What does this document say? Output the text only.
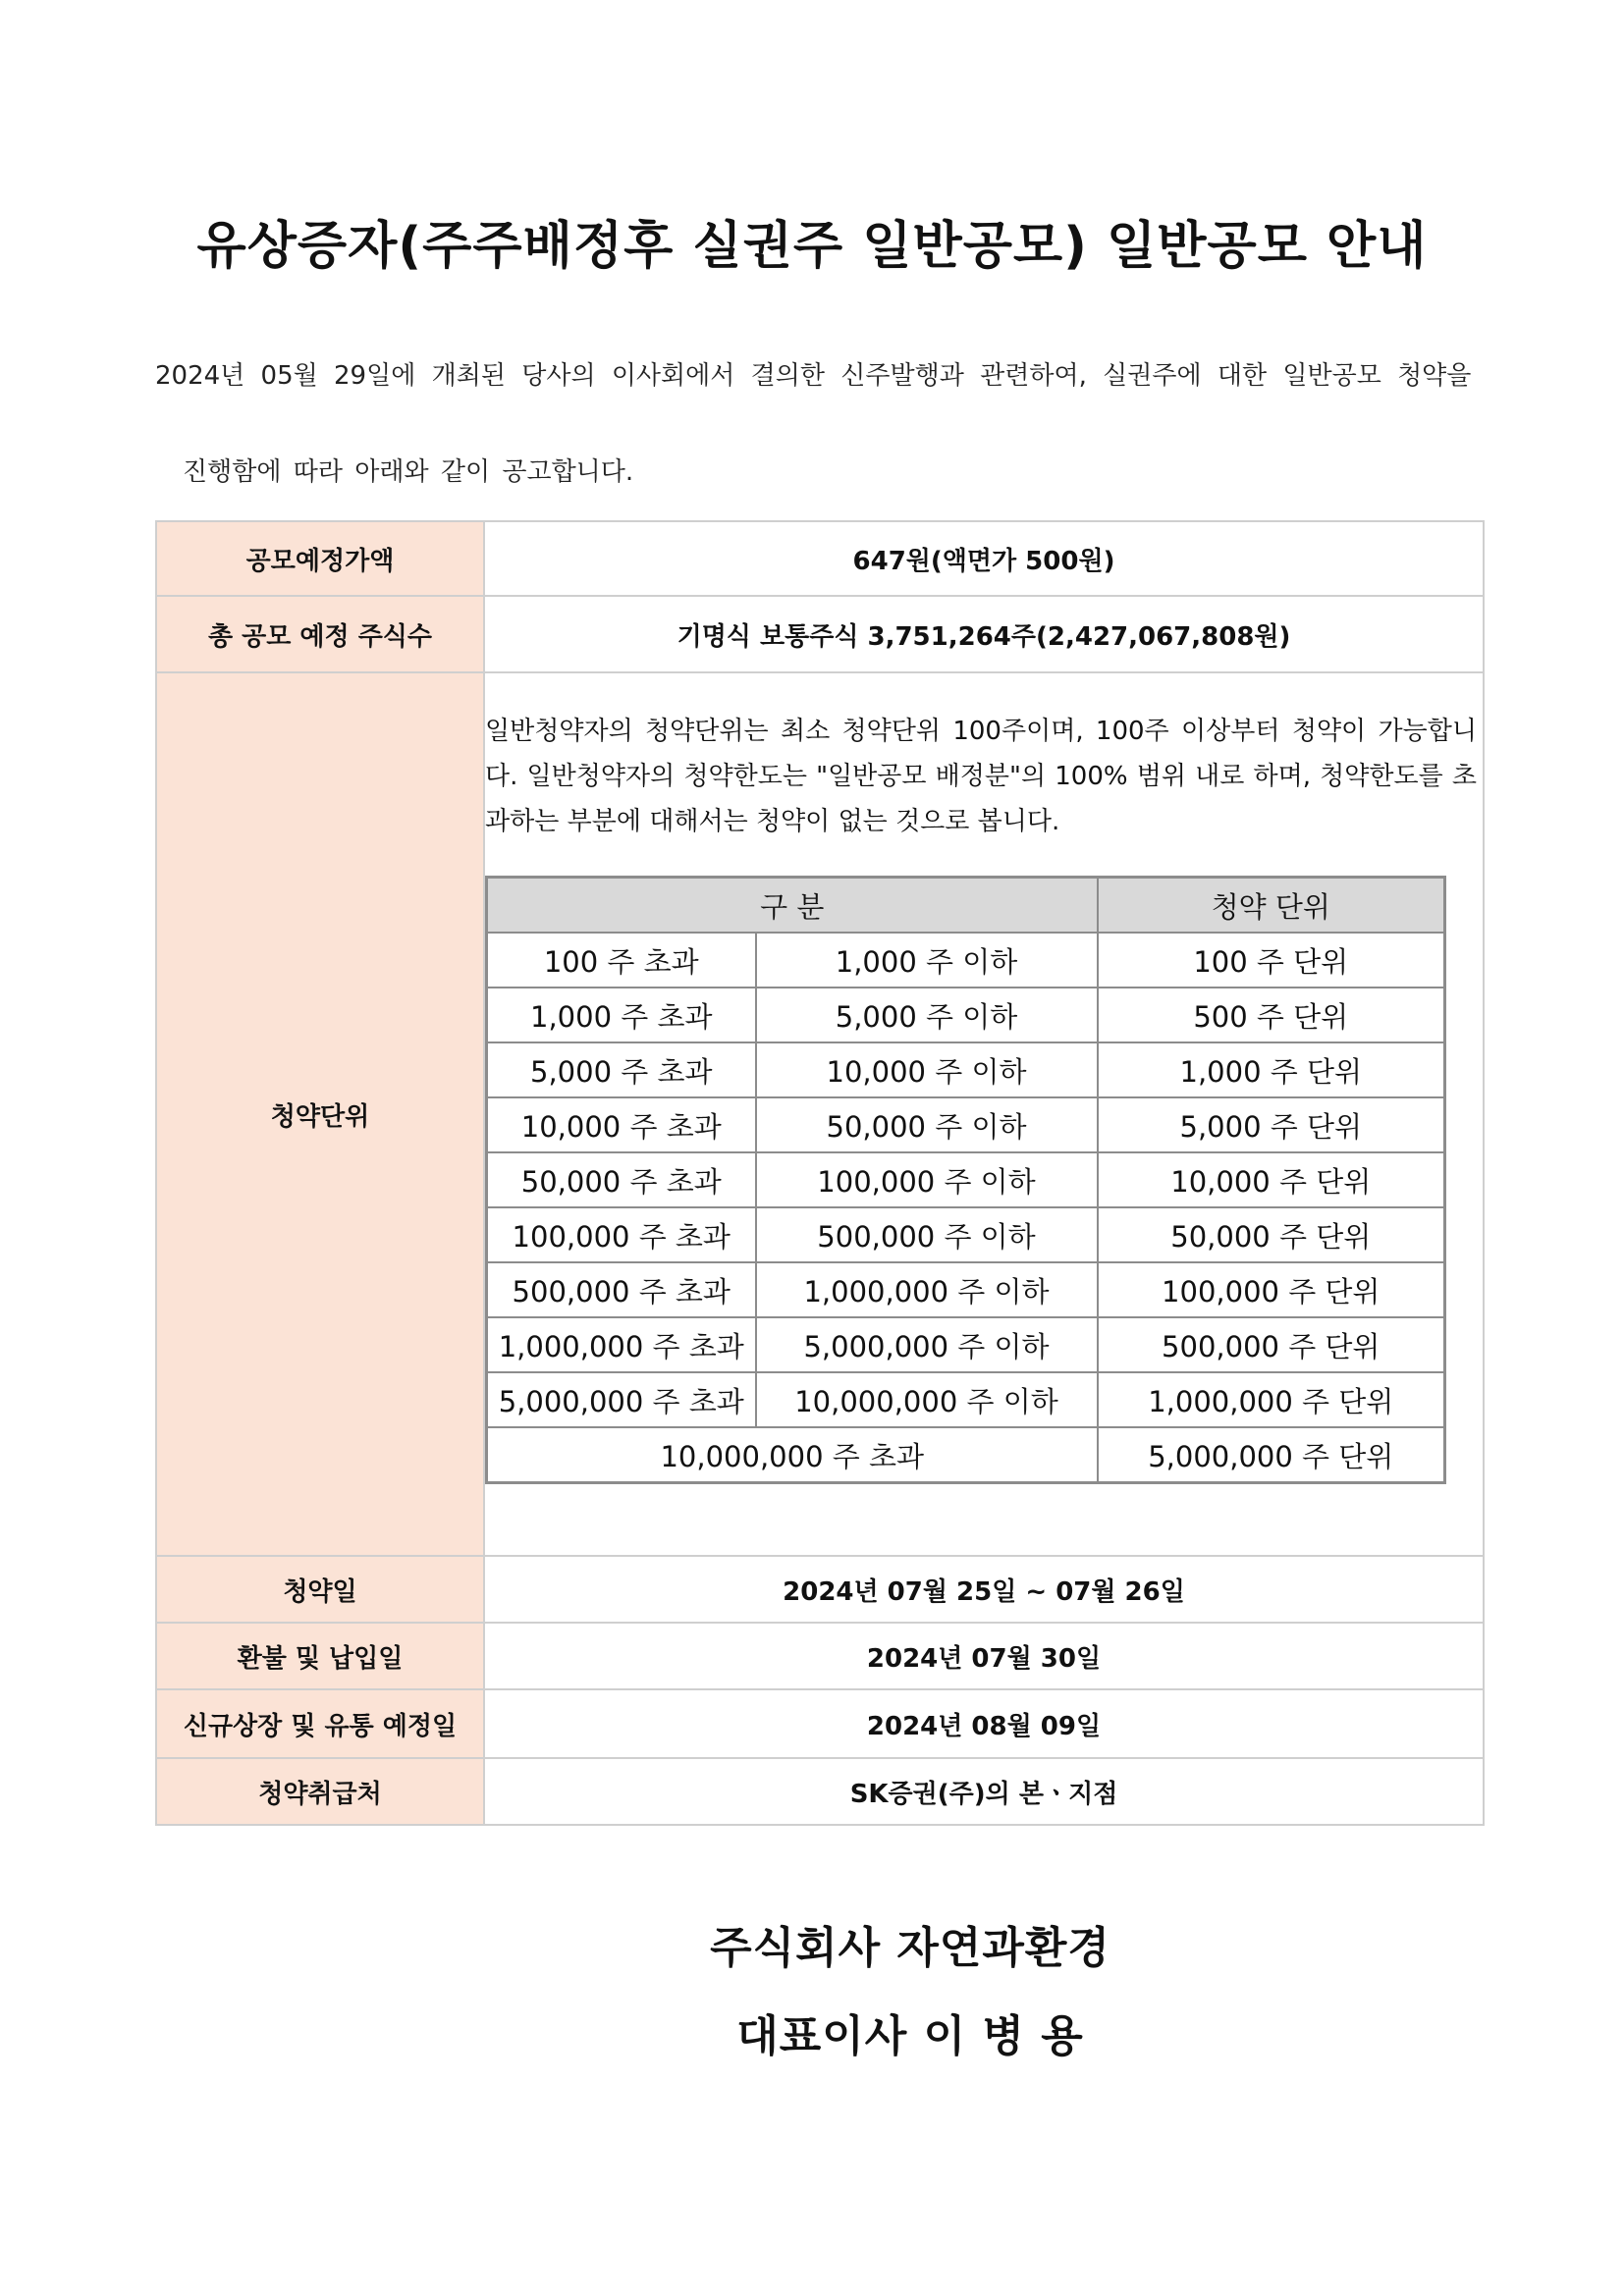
유상증자(주주배정후 실권주 일반공모) 일반공모 안내
2024년 05월 29일에 개최된 당사의 이사회에서 결의한 신주발행과 관련하여, 실권주에 대한 일반공모 청약을
진행함에 따라 아래와 같이 공고합니다.
공모예정가액	647원(액면가 500원)
총 공모 예정 주식수	기명식 보통주식 3,751,264주(2,427,067,808원)
청약단위	
일반청약자의 청약단위는 최소 청약단위 100주이며, 100주 이상부터 청약이 가능합니다. 일반청약자의 청약한도는 "일반공모 배정분"의 100% 범위 내로 하며, 청약한도를 초과하는 부분에 대해서는 청약이 없는 것으로 봅니다.
구 분	청약 단위
100 주 초과	1,000 주 이하	100 주 단위
1,000 주 초과	5,000 주 이하	500 주 단위
5,000 주 초과	10,000 주 이하	1,000 주 단위
10,000 주 초과	50,000 주 이하	5,000 주 단위
50,000 주 초과	100,000 주 이하	10,000 주 단위
100,000 주 초과	500,000 주 이하	50,000 주 단위
500,000 주 초과	1,000,000 주 이하	100,000 주 단위
1,000,000 주 초과	5,000,000 주 이하	500,000 주 단위
5,000,000 주 초과	10,000,000 주 이하	1,000,000 주 단위
10,000,000 주 초과	5,000,000 주 단위

청약일	2024년 07월 25일 ~ 07월 26일
환불 및 납입일	2024년 07월 30일
신규상장 및 유통 예정일	2024년 08월 09일
청약취급처	SK증권(주)의 본ㆍ지점
주식회사 자연과환경
대표이사 이 병 용
